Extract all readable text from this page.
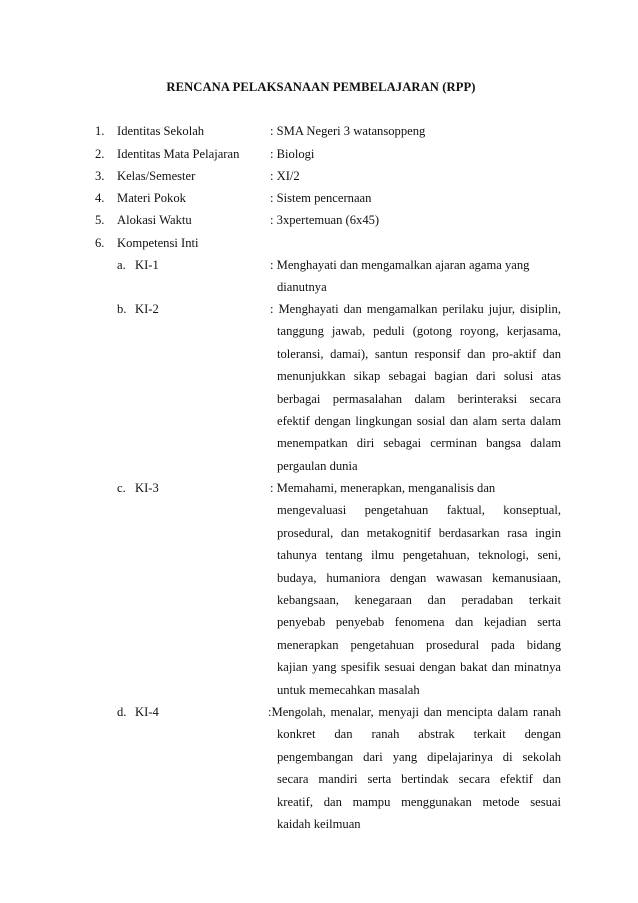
RENCANA PELAKSANAAN PEMBELAJARAN (RPP)
1. Identitas Sekolah	: SMA Negeri 3 watansoppeng
2. Identitas Mata Pelajaran : Biologi
3. Kelas/Semester	: XI/2
4. Materi Pokok	: Sistem pencernaan
5. Alokasi Waktu	: 3xpertemuan (6x45)
6. Kompetensi Inti
a. KI-1	: Menghayati dan mengamalkan ajaran agama yang
dianutnya
b. KI-2	: Menghayati dan mengamalkan perilaku jujur, disiplin,
tanggung jawab, peduli (gotong royong, kerjasama,
toleransi, damai), santun responsif dan pro-aktif dan
menunjukkan sikap sebagai bagian dari solusi atas
berbagai permasalahan dalam berinteraksi secara
efektif dengan lingkungan sosial dan alam serta dalam
menempatkan diri sebagai cerminan bangsa dalam
pergaulan dunia
c. KI-3	: Memahami, menerapkan, menganalisis dan
mengevaluasi pengetahuan faktual, konseptual,
prosedural, dan metakognitif berdasarkan rasa ingin
tahunya tentang ilmu pengetahuan, teknologi, seni,
budaya, humaniora dengan wawasan kemanusiaan,
kebangsaan, kenegaraan dan peradaban terkait
penyebab penyebab fenomena dan kejadian serta
menerapkan pengetahuan prosedural pada bidang
kajian yang spesifik sesuai dengan bakat dan minatnya
untuk memecahkan masalah
d. KI-4	:Mengolah, menalar, menyaji dan mencipta dalam ranah
konkret dan ranah abstrak terkait dengan
pengembangan dari yang dipelajarinya di sekolah
secara mandiri serta bertindak secara efektif dan
kreatif, dan mampu menggunakan metode sesuai
kaidah keilmuan
